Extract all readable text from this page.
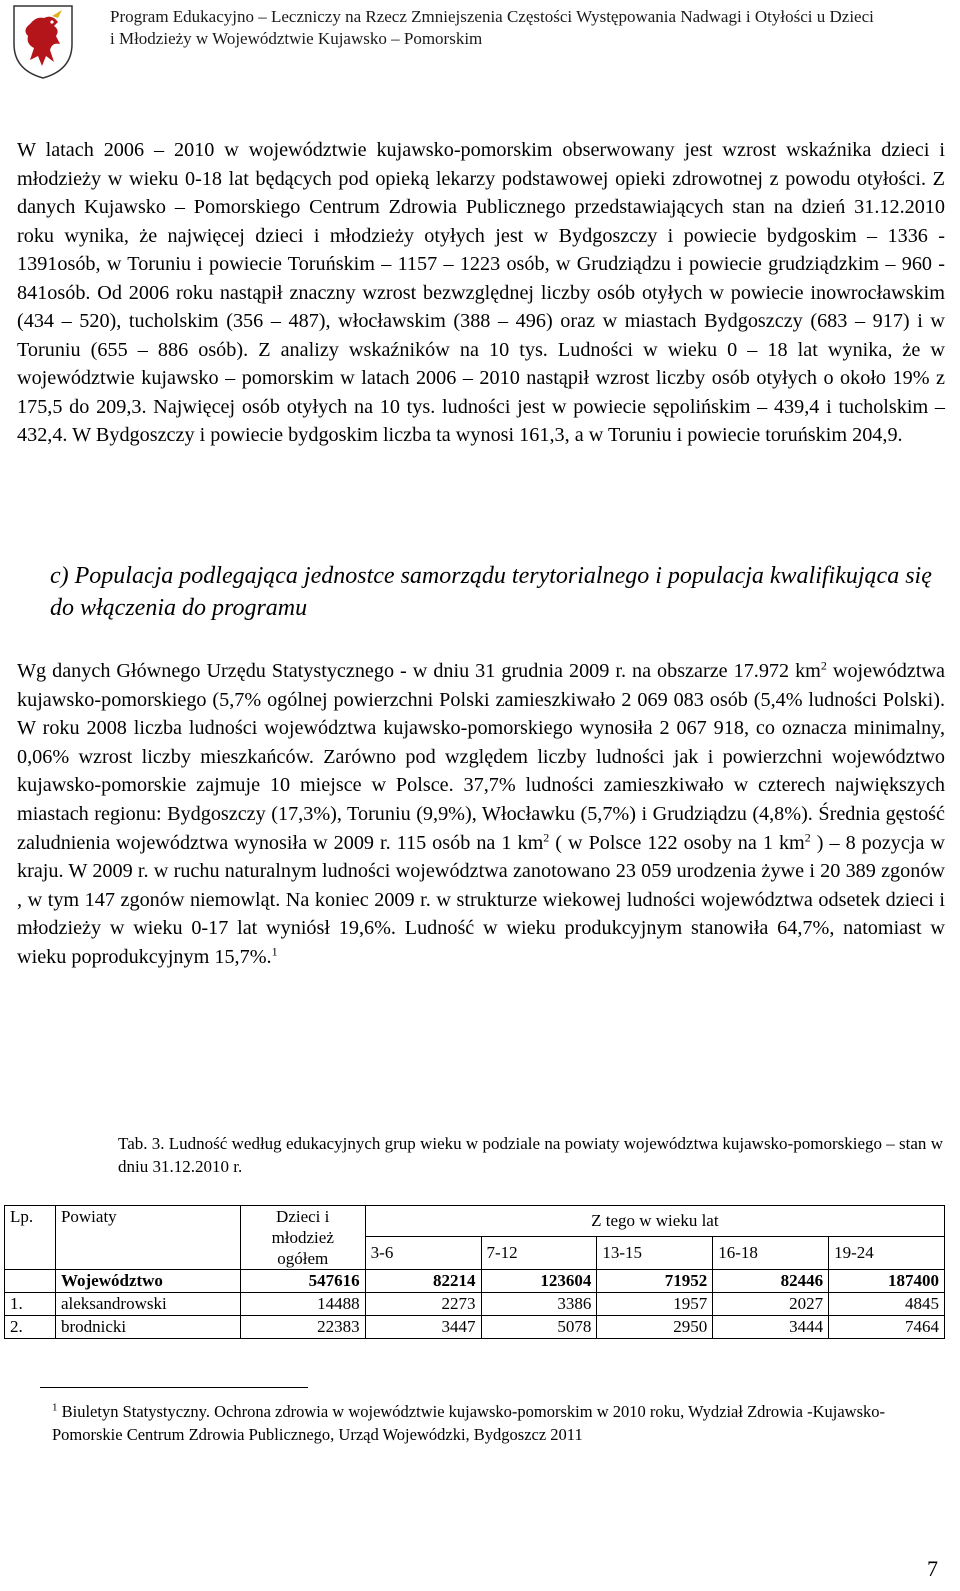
Program Edukacyjno – Leczniczy na Rzecz Zmniejszenia Częstości Występowania Nadwagi i Otyłości u Dzieci
i Młodzieży w Województwie Kujawsko – Pomorskim

W latach 2006 – 2010 w województwie kujawsko-pomorskim obserwowany jest wzrost wskaźnika dzieci i młodzieży w wieku 0-18 lat będących pod opieką lekarzy podstawowej opieki zdrowotnej z powodu otyłości. Z danych Kujawsko – Pomorskiego Centrum Zdrowia Publicznego przedstawiających stan na dzień 31.12.2010 roku wynika, że najwięcej dzieci i młodzieży otyłych jest w Bydgoszczy i powiecie bydgoskim – 1336 - 1391osób, w Toruniu i powiecie Toruńskim – 1157 – 1223 osób, w Grudziądzu i powiecie grudziądzkim – 960 - 841osób. Od 2006 roku nastąpił znaczny wzrost bezwzględnej liczby osób otyłych w powiecie inowrocławskim (434 – 520), tucholskim (356 – 487), włocławskim (388 – 496) oraz w miastach Bydgoszczy (683 – 917) i w Toruniu (655 – 886 osób). Z analizy wskaźników na 10 tys. Ludności w wieku 0 – 18 lat wynika, że w województwie kujawsko – pomorskim w latach 2006 – 2010 nastąpił wzrost liczby osób otyłych o około 19% z 175,5 do 209,3. Najwięcej osób otyłych na 10 tys. ludności jest w powiecie sępolińskim – 439,4 i tucholskim – 432,4. W Bydgoszczy i powiecie bydgoskim liczba ta wynosi 161,3, a w Toruniu i powiecie toruńskim 204,9.

c) Populacja podlegająca jednostce samorządu terytorialnego i populacja kwalifikująca się do włączenia do programu

Wg danych Głównego Urzędu Statystycznego - w dniu 31 grudnia 2009 r. na obszarze 17.972 $km^2$ województwa kujawsko-pomorskiego (5,7% ogólnej powierzchni Polski zamieszkiwało 2 069 083 osób (5,4% ludności Polski). W roku 2008 liczba ludności województwa kujawsko-pomorskiego wynosiła 2 067 918, co oznacza minimalny, 0,06% wzrost liczby mieszkańców. Zarówno pod względem liczby ludności jak i powierzchni województwo kujawsko-pomorskie zajmuje 10 miejsce w Polsce. 37,7% ludności zamieszkiwało w czterech największych miastach regionu: Bydgoszczy (17,3%), Toruniu (9,9%), Włocławku (5,7%) i Grudziądzu (4,8%). Średnia gęstość zaludnienia województwa wynosiła w 2009 r. 115 osób na 1 $km^2$ ( w Polsce 122 osoby na 1 $km^2$ ) – 8 pozycja w kraju. W 2009 r. w ruchu naturalnym ludności województwa zanotowano 23 059 urodzenia żywe i 20 389 zgonów , w tym 147 zgonów niemowląt. Na koniec 2009 r. w strukturze wiekowej ludności województwa odsetek dzieci i młodzieży w wieku 0-17 lat wyniósł 19,6%. Ludność w wieku produkcyjnym stanowiła 64,7%, natomiast w wieku poprodukcyjnym 15,7%.$^1$

Tab. 3. Ludność według edukacyjnych grup wieku w podziale na powiaty województwa kujawsko-pomorskiego – stan w dniu 31.12.2010 r.

Lp.	Powiaty	Dzieci i młodzież ogółem	Z tego w wieku lat				
			3-6	7-12	13-15	16-18	19-24
	Województwo	547616	82214	123604	71952	82446	187400
1.	aleksandrowski	14488	2273	3386	1957	2027	4845
2.	brodnicki	22383	3447	5078	2950	3444	7464

$^1$ Biuletyn Statystyczny. Ochrona zdrowia w województwie kujawsko-pomorskim w 2010 roku, Wydział Zdrowia -Kujawsko- Pomorskie Centrum Zdrowia Publicznego, Urząd Wojewódzki, Bydgoszcz 2011

7
